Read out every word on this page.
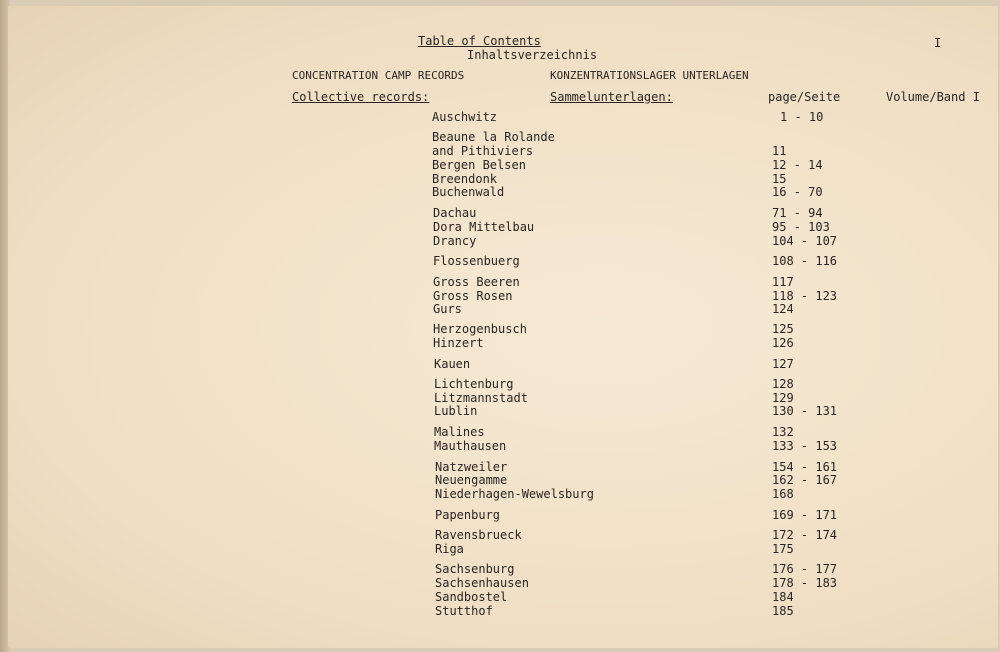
Table of Contents
Inhaltsverzeichnis
I
CONCENTRATION CAMP RECORDS	KONZENTRATIONSLAGER UNTERLAGEN
Collective records:	Sammelunterlagen:	page/Seite	Volume/Band I
Auschwitz	1 - 10
Beaune la Rolande
and Pithiviers	11
Bergen Belsen	12 - 14
Breendonk	15
Buchenwald	16 - 70
Dachau	71 - 94
Dora Mittelbau	95 - 103
Drancy	104 - 107
Flossenbuerg	108 - 116
Gross Beeren	117
Gross Rosen	118 - 123
Gurs	124
Herzogenbusch	125
Hinzert	126
Kauen	127
Lichtenburg	128
Litzmannstadt	129
Lublin	130 - 131
Malines	132
Mauthausen	133 - 153
Natzweiler	154 - 161
Neuengamme	162 - 167
Niederhagen-Wewelsburg	168
Papenburg	169 - 171
Ravensbrueck	172 - 174
Riga	175
Sachsenburg	176 - 177
Sachsenhausen	178 - 183
Sandbostel	184
Stutthof	185
